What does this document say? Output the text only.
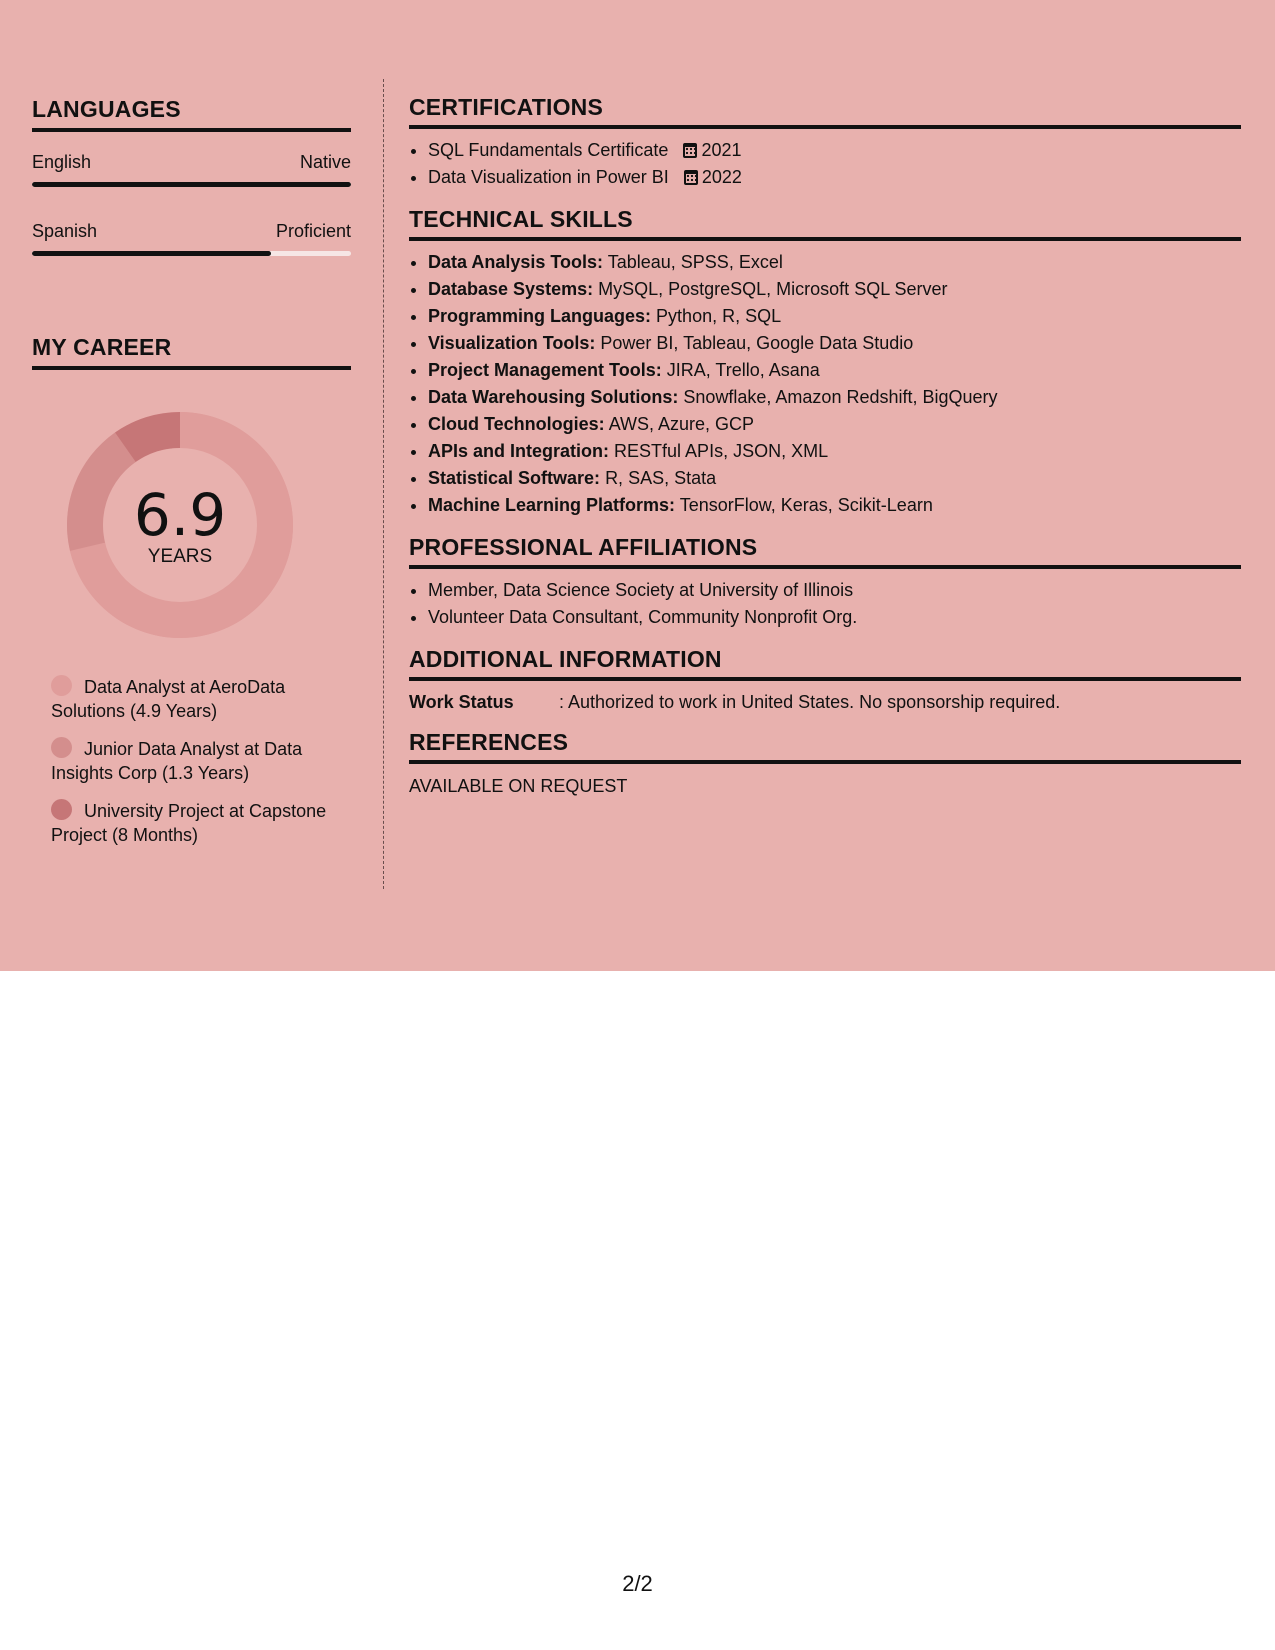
LANGUAGES
English	Native
Spanish	Proficient
MY CAREER
6.9
YEARS
Data Analyst at AeroData Solutions (4.9 Years)
Junior Data Analyst at Data Insights Corp (1.3 Years)
University Project at Capstone Project (8 Months)
CERTIFICATIONS
• SQL Fundamentals Certificate 2021
• Data Visualization in Power BI 2022
TECHNICAL SKILLS
• Data Analysis Tools: Tableau, SPSS, Excel
• Database Systems: MySQL, PostgreSQL, Microsoft SQL Server
• Programming Languages: Python, R, SQL
• Visualization Tools: Power BI, Tableau, Google Data Studio
• Project Management Tools: JIRA, Trello, Asana
• Data Warehousing Solutions: Snowflake, Amazon Redshift, BigQuery
• Cloud Technologies: AWS, Azure, GCP
• APIs and Integration: RESTful APIs, JSON, XML
• Statistical Software: R, SAS, Stata
• Machine Learning Platforms: TensorFlow, Keras, Scikit-Learn
PROFESSIONAL AFFILIATIONS
• Member, Data Science Society at University of Illinois
• Volunteer Data Consultant, Community Nonprofit Org.
ADDITIONAL INFORMATION
Work Status	: Authorized to work in United States. No sponsorship required.
REFERENCES
AVAILABLE ON REQUEST
2/2
